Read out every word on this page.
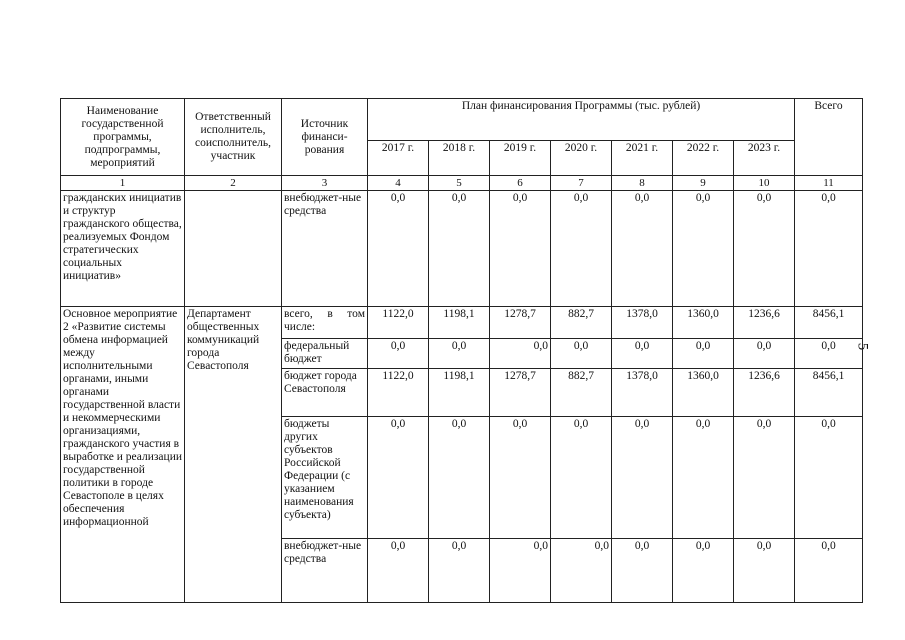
5
Наименование государственной программы, подпрограммы, мероприятий	Ответственный исполнитель, соисполнитель, участник	Источник финанси-рования	План финансирования Программы (тыс. рублей)							Всего
			2017 г.	2018 г.	2019 г.	2020 г.	2021 г.	2022 г.	2023 г.	
1	2	3	4	5	6	7	8	9	10	11
гражданских инициатив и структур гражданского общества, реализуемых Фондом стратегических социальных инициатив»		внебюджет-ные средства	0,0	0,0	0,0	0,0	0,0	0,0	0,0	0,0
Основное мероприятие 2 «Развитие системы обмена информацией между исполнительными органами, иными органами государственной власти и некоммерческими организациями, гражданского участия в выработке и реализации государственной политики в городе Севастополе в целях обеспечения информационной	Департамент общественных коммуникаций города Севастополя	всего, в том числе:	1122,0	1198,1	1278,7	882,7	1378,0	1360,0	1236,6	8456,1
		федеральный бюджет	0,0	0,0	0,0	0,0	0,0	0,0	0,0	0,0
		бюджет города Севастополя	1122,0	1198,1	1278,7	882,7	1378,0	1360,0	1236,6	8456,1
		бюджеты других субъектов Российской Федерации (с указанием наименования субъекта)	0,0	0,0	0,0	0,0	0,0	0,0	0,0	0,0
		внебюджет-ные средства	0,0	0,0	0,0	0,0	0,0	0,0	0,0	0,0
